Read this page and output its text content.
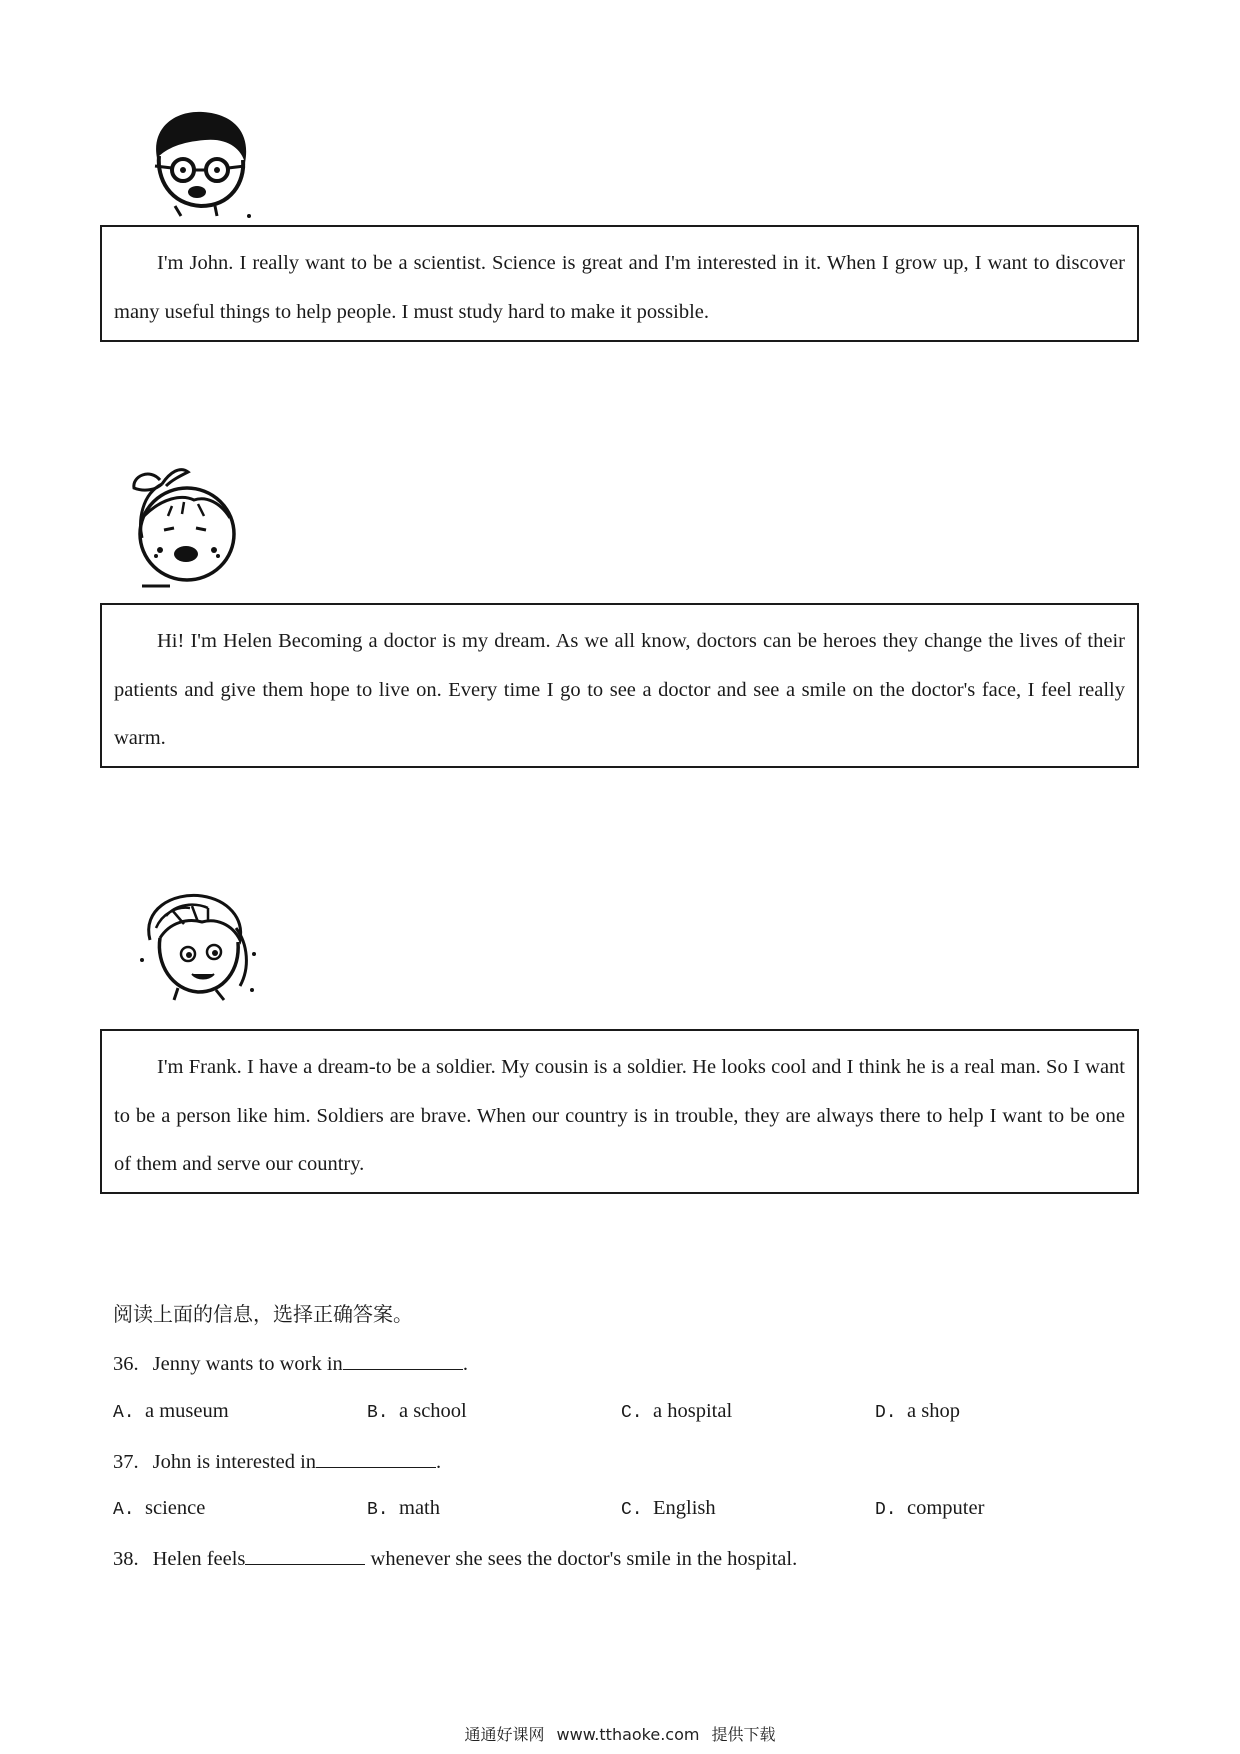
I'm John. I really want to be a scientist. Science is great and I'm interested in it. When I grow up, I want to discover many useful things to help people. I must study hard to make it possible.

Hi! I'm Helen Becoming a doctor is my dream. As we all know, doctors can be heroes they change the lives of their patients and give them hope to live on. Every time I go to see a doctor and see a smile on the doctor's face, I feel really warm.

I'm Frank. I have a dream-to be a soldier. My cousin is a soldier. He looks cool and I think he is a real man. So I want to be a person like him. Soldiers are brave. When our country is in trouble, they are always there to help I want to be one of them and serve our country.

阅读上面的信息，选择正确答案。
36. Jenny wants to work in	.
A. a museum	B. a school	C. a hospital	D. a shop
37. John is interested in	.
A. science	B. math	C. English	D. computer
38. Helen feels	whenever she sees the doctor's smile in the hospital.
通通好课网 www.tthaoke.com 提供下载
